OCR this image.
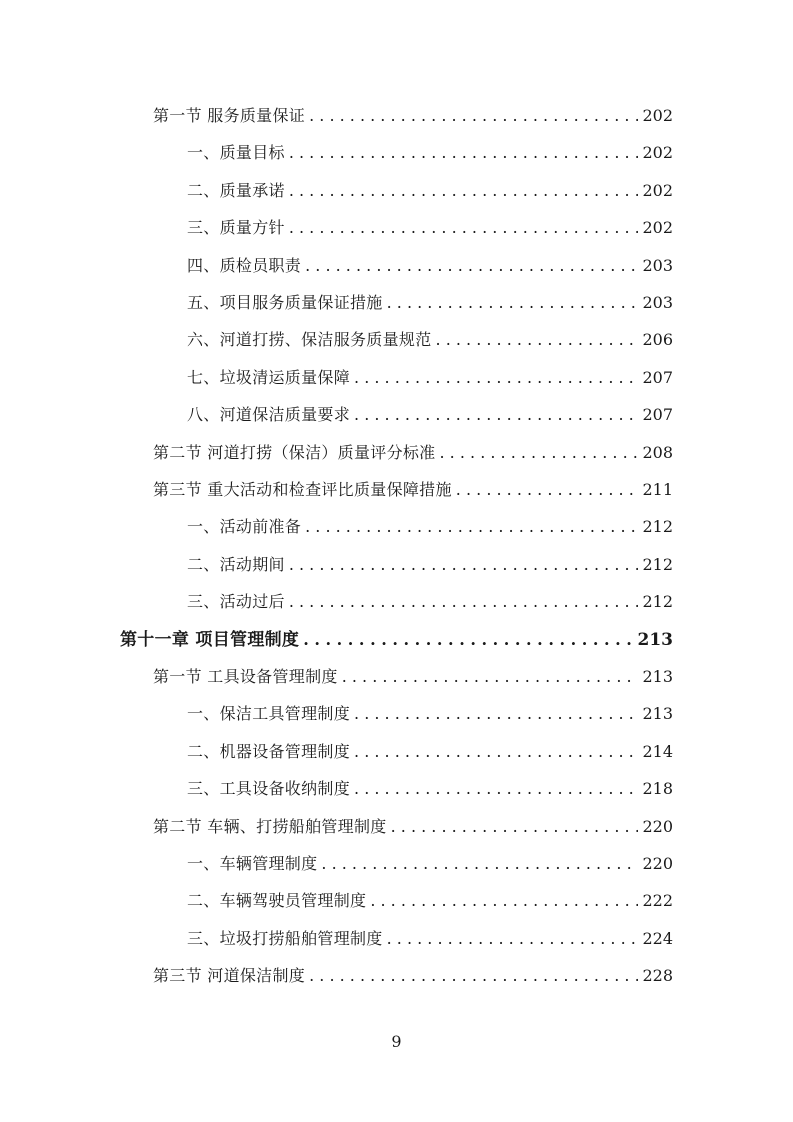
第一节 服务质量保证 . . .	202
一、质量目标 . . .	202
二、质量承诺 . . .	202
三、质量方针 . . .	202
四、质检员职责 . . .	203
五、项目服务质量保证措施 . . .	203
六、河道打捞、保洁服务质量规范 . . .	206
七、垃圾清运质量保障 . . .	207
八、河道保洁质量要求 . . .	207
第二节 河道打捞（保洁）质量评分标准 . . .	208
第三节 重大活动和检查评比质量保障措施 . . .	211
一、活动前准备 . . .	212
二、活动期间 . . .	212
三、活动过后 . . .	212
第十一章 项目管理制度 . . .	213
第一节 工具设备管理制度 . . .	213
一、保洁工具管理制度 . . .	213
二、机器设备管理制度 . . .	214
三、工具设备收纳制度 . . .	218
第二节 车辆、打捞船舶管理制度 . . .	220
一、车辆管理制度 . . .	220
二、车辆驾驶员管理制度 . . .	222
三、垃圾打捞船舶管理制度 . . .	224
第三节 河道保洁制度 . . .	228
9
